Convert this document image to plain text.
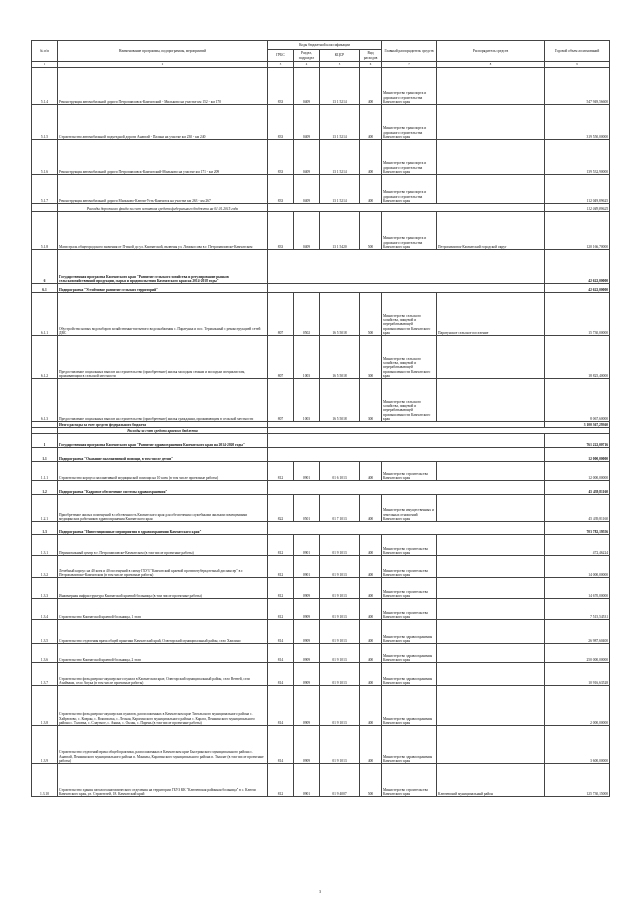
№ п/п	Наименование программы, подпрограммы, мероприятий	Коды бюджетной классификации				Главный распорядитель средств	Распорядитель средств	Годовой объем ассигнований
		ГРБС	Раздел, подраздел	КЦСР	Вид расходов			
1	2	3	4	5	6	7	8	9
5.1.4	Реконструкция автомобильной дороги Петропавловск-Камчатский - Мильково на участке км 152 - км 170	833	0409	13 1 5214	400	Министерство транспорта и дорожного строительства Камчатского края		547 949,56600
5.1.5	Строительство автомобильной подъездной дороги Анавгай - Палана на участке км 230 - км 240	833	0409	13 1 5214	400	Министерство транспорта и дорожного строительства Камчатского края		319 550,00000
5.1.6	Реконструкция автомобильной дороги Петропавловск-Камчатский-Мильково на участке км 171 - км 209	833	0409	13 1 5214	400	Министерство транспорта и дорожного строительства Камчатского края		139 532,90000
5.1.7	Реконструкция автомобильной дороги Мильково-Ключи-Усть-Камчатск на участке км 263 - км 267	833	0409	13 1 5214	400	Министерство транспорта и дорожного строительства Камчатского края		112 049,89625
	Расходы дорожного фонда за счет остатков средств федерального бюджета на 01.01.2015 года							112 049,89625
5.1.8	Магистраль общегородского значения от П-иной до ул. Камчатской, включая ул. Ломоносова в г. Петропавловске-Камчатском	833	0409	13 1 5420	500	Министерство транспорта и дорожного строительства Камчатского края	Петропавловск-Камчатский городской округ	120 166,70000
6	Государственная программа Камчатского края "Развитие сельского хозяйства и регулирование рынков сельскохозяйственной продукции, сырья и продовольствия Камчатского края на 2014-2018 годы"							42 622,00000
6.1	Подпрограмма "Устойчивое развитие сельских территорий"							42 622,00000
6.1.1	Обустройство новых водозаборов хозяйственно-питьевого водоснабжения с. Паратунка и пос. Термальный с реконструкцией сетей ДВС	807	0502	16 5 5018	500	Министерство сельского хозяйства, пищевой и перерабатывающей промышленности Камчатского края	Паратунское сельское поселение	15 730,00000
6.1.2	Предоставление социальных выплат на строительство (приобретение) жилья молодым семьям и молодым специалистам, проживающим в сельской местности	807	1003	16 5 5018	300	Министерство сельского хозяйства, пищевой и перерабатывающей промышленности Камчатского края		18 825,40000
6.1.3	Предоставление социальных выплат на строительство (приобретение) жилья гражданам, проживающим в сельской местности	807	1003	16 5 5018	300	Министерство сельского хозяйства, пищевой и перерабатывающей промышленности Камчатского края		8 067,60000
	Итого расходы за счет средств федерального бюджета							3 100 367,29360
	Расходы за счет средств краевого бюджета							
1	Государственная программа Камчатского края "Развитие здравоохранения Камчатского края на 2014-2020 годы"							761 222,00716
1.1	Подпрограмма "Оказание паллиативной помощи, в том числе детям"							12 000,00000
1.1.1	Строительство корпуса паллиативной медицинской помощи на 10 коек (в том числе проектные работы)	812	0901	01 6 1013	400	Министерство строительства Камчатского края		12 000,00000
1.2	Подпрограмма "Кадровое обеспечение системы здравоохранения"							45 439,81160
1.2.1	Приобретение жилых помещений в собственность Камчатского края для обеспечения служебными жилыми помещениями медицинских работников здравоохранения Камчатского края	822	0501	01 7 1013	400	Министерство имущественных и земельных отношений Камчатского края		45 439,81160
1.3	Подпрограмма "Инвестиционные мероприятия в здравоохранении Камчатского края"							703 782,19556
1.3.1	Перинатальный центр в г. Петропавловске-Камчатском (в том числе проектные работы)	812	0901	01 9 1013	400	Министерство строительства Камчатского края		472,46224
1.3.2	Лечебный корпус на 40 коек и 40 посещений в смену ГБУЗ "Камчатский краевой противотуберкулезный диспансер" в г. Петропавловске-Камчатском (в том числе проектные работы)	812	0901	01 9 1013	400	Министерство строительства Камчатского края		14 000,00000
1.3.3	Инженерная инфраструктура Камчатской краевой больницы (в том числе проектные работы)	812	0909	01 9 1013	400	Министерство строительства Камчатского края		14 670,00000
1.3.4	Строительство Камчатской краевой больницы, 1 этап	812	0909	01 9 1013	400	Министерство строительства Камчатского края		7 515,54531
1.3.5	Строительство отделения врача общей практики Камчатский край, Олюторский муниципальный район, село Хаилино	814	0909	01 9 1013	400	Министерство здравоохранения Камчатского края		26 987,60400
1.3.6	Строительство Камчатской краевой больницы, 2 этап	814	0909	01 9 1013	400	Министерство здравоохранения Камчатского края		250 000,00000
1.3.7	Строительство фельдшерско-акушерского пункта в Камчатском крае, Олюторский муниципальный район, село Ветвей, село Ачайваям, село Апука (в том числе проектные работы)	814	0909	01 9 1013	400	Министерство здравоохранения Камчатского края		10 916,63528
1.3.8	Строительство фельдшерско-акушерских пунктов, расположенных в Камчатском крае Тигильского муниципального района с. Хайрюзово, с. Ковран, с. Воямполка, с. Лесная, Карагинского муниципального района с. Карага, Пенжинского муниципального района с. Таловка, с. Слаутное, с. Аянка, с. Оклан, с. Парень (в том числе проектные работы)	814	0909	01 9 1013	400	Министерство здравоохранения Камчатского края		2 000,00000
1.3.9	Строительство отделений врача общей практики, расположенных в Камчатском крае Быстринского муниципального района с. Анавгай, Пенжинского муниципального района п. Манилы, Карагинского муниципального района п. Тымлат (в том числе проектные работы)	814	0909	01 9 1013	400	Министерство здравоохранения Камчатского края		3 600,00000
1.3.10	Строительство здания патологоанатомического отделения на территории ГБУЗ КК "Ключевская районная больница" в с. Ключи Камчатского края, ул. Строителей, 18. Камчатский край	812	0901	01 9 4007	500	Министерство строительства Камчатского края	Ключевский муниципальный район	125 730,15000
3
